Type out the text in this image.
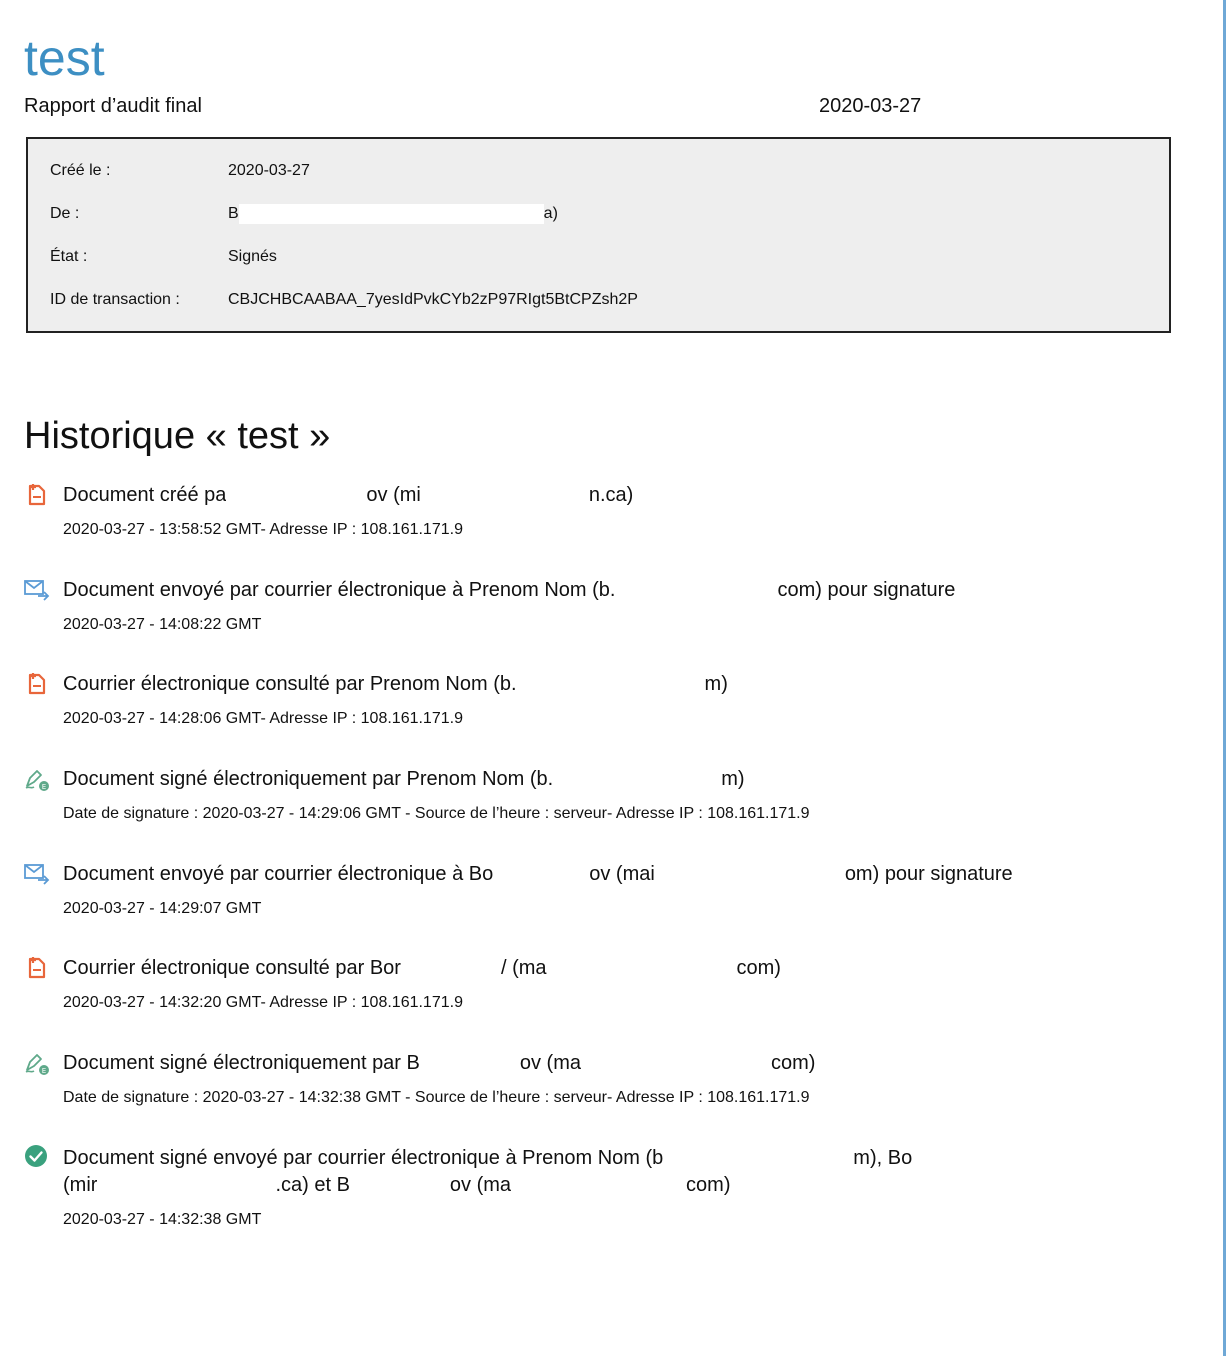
test
Rapport d’audit final	2020-03-27
Créé le :	2020-03-27
De :	B	a)
État :	Signés
ID de transaction :	CBJCHBCAABAA_7yesIdPvkCYb2zP97RIgt5BtCPZsh2P
Historique « test »
Document créé pa	ov (mi	n.ca)
2020-03-27 - 13:58:52 GMT- Adresse IP : 108.161.171.9
Document envoyé par courrier électronique à Prenom Nom (b.	com) pour signature
2020-03-27 - 14:08:22 GMT
Courrier électronique consulté par Prenom Nom (b.	m)
2020-03-27 - 14:28:06 GMT- Adresse IP : 108.161.171.9
E Document signé électroniquement par Prenom Nom (b.	m)
Date de signature : 2020-03-27 - 14:29:06 GMT - Source de l’heure : serveur- Adresse IP : 108.161.171.9
Document envoyé par courrier électronique à Bo	ov (mai	om) pour signature
2020-03-27 - 14:29:07 GMT
Courrier électronique consulté par Bor	/ (ma	com)
2020-03-27 - 14:32:20 GMT- Adresse IP : 108.161.171.9
E Document signé électroniquement par B	ov (ma	com)
Date de signature : 2020-03-27 - 14:32:38 GMT - Source de l’heure : serveur- Adresse IP : 108.161.171.9
Document signé envoyé par courrier électronique à Prenom Nom (b	m), Bo
(mir	.ca) et B	ov (ma	com)
2020-03-27 - 14:32:38 GMT
